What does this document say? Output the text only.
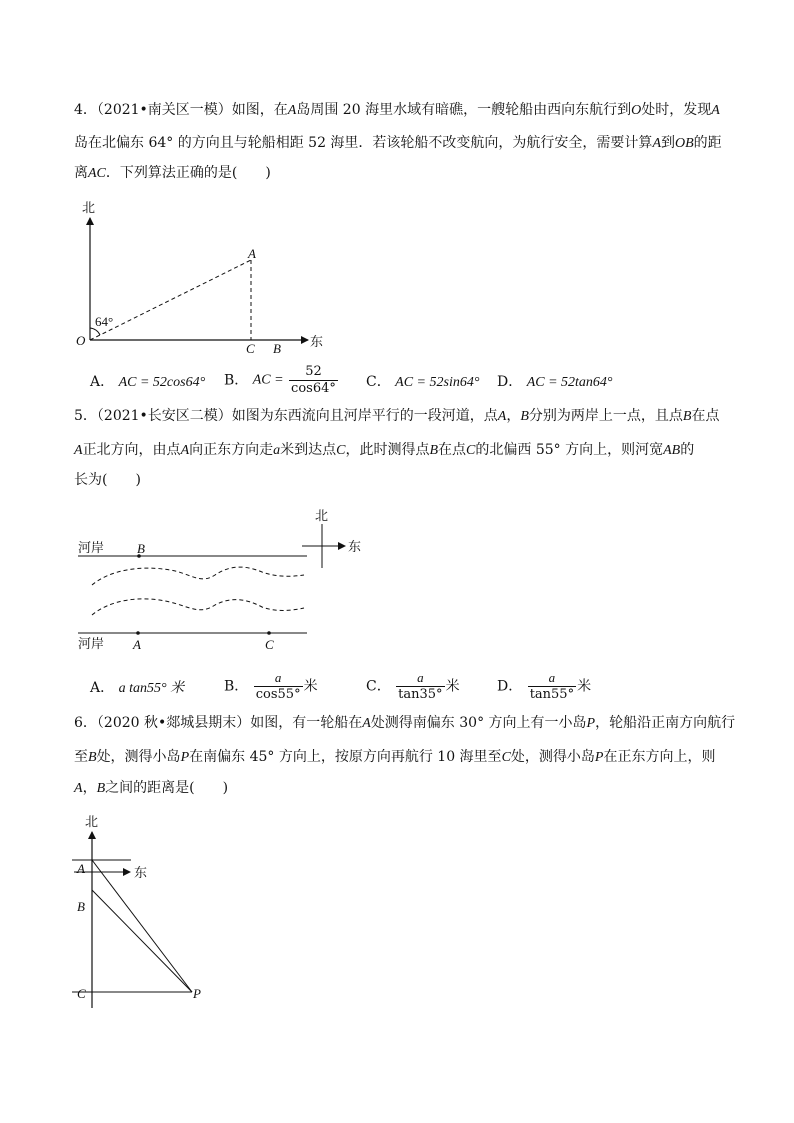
4．（2021•南关区一模）如图，在A岛周围 20 海里水域有暗礁，一艘轮船由西向东航行到O处时，发现A
岛在北偏东 64° 的方向且与轮船相距 52 海里．若该轮船不改变航向，为航行安全，需要计算A到OB的距
离AC．下列算法正确的是(　　)
北
东
O
A
C B
64°
北
东
河岸
河岸
B
A	C
北
东
A
B
C	P
A． AC = 52cos64° B． AC = $\frac{52}{\cos 64^\circ}$ C． AC = 52sin64° D． AC = 52tan64°
5．（2021•长安区二模）如图为东西流向且河岸平行的一段河道，点A，B分别为两岸上一点，且点B在点
A正北方向，由点A向正东方向走a米到达点C，此时测得点B在点C的北偏西 55° 方向上，则河宽AB的
长为(　　)
A． a tan55° 米	B． $\frac{a}{\cos 55^\circ}$ 米	C． $\frac{a}{\tan 35^\circ}$ 米	D． $\frac{a}{\tan 55^\circ}$ 米
6．（2020 秋•郯城县期末）如图，有一轮船在A处测得南偏东 30° 方向上有一小岛P，轮船沿正南方向航行
至B处，测得小岛P在南偏东 45° 方向上，按原方向再航行 10 海里至C处，测得小岛P在正东方向上，则
A，B之间的距离是(　　)
